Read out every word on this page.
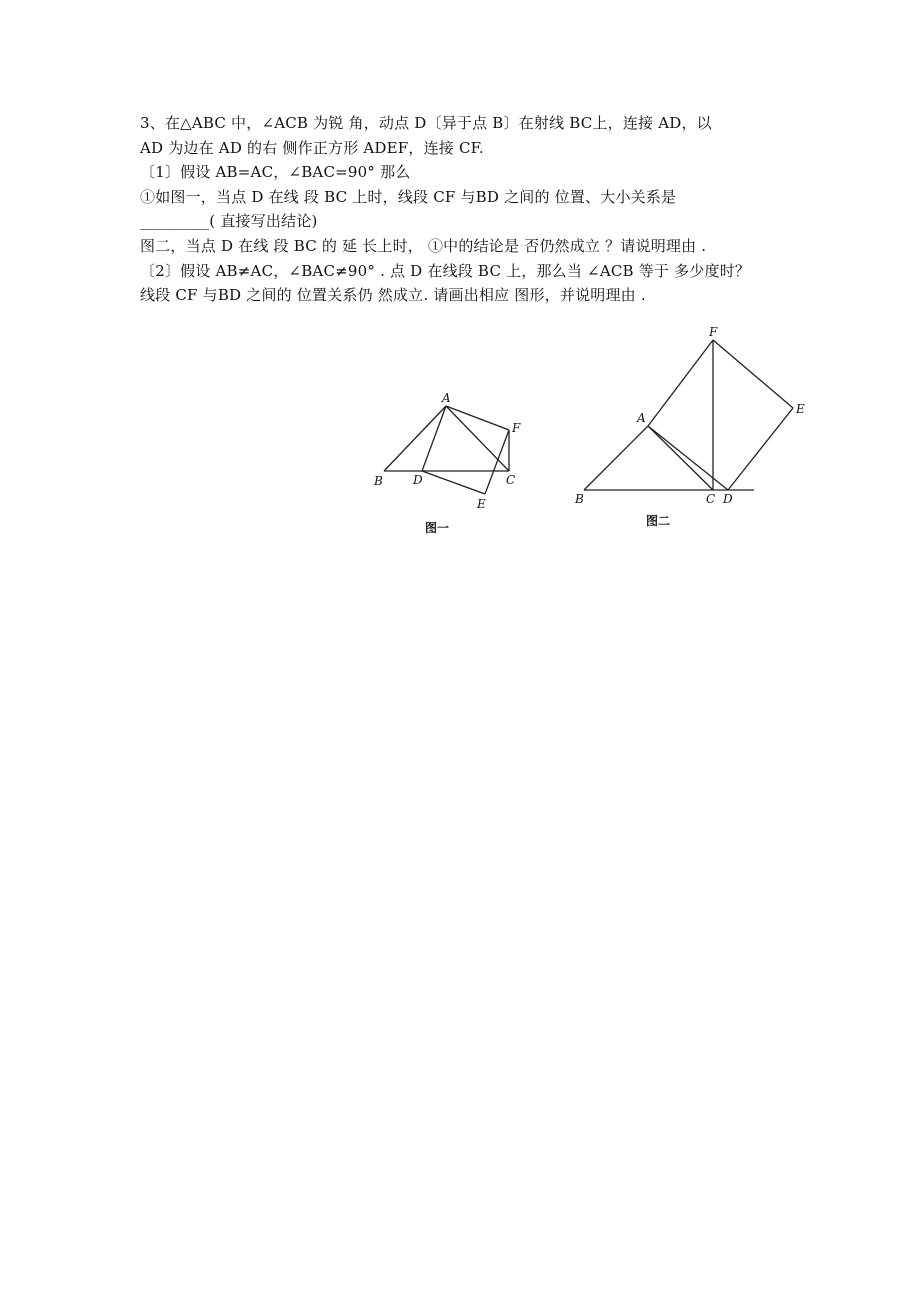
3、在△ABC 中，∠ACB 为锐 角，动点 D〔异于点 B〕在射线 BC上，连接 AD，以
AD 为边在 AD 的右 侧作正方形 ADEF，连接 CF.
〔1〕假设 AB=AC，∠BAC=90° 那么
①如图一，当点 D 在线 段 BC 上时，线段 CF 与BD 之间的 位置、大小关系是
_________( 直接写出结论)
图二，当点 D 在线 段 BC 的 延 长上时， ①中的结论是 否仍然成立 ？请说明理由 .
〔2〕假设 AB≠AC，∠BAC≠90° . 点 D 在线段 BC 上，那么当 ∠ACB 等于 多少度时？
线段 CF 与BD 之间的 位置关系仍 然成立. 请画出相应 图形，并说明理由 .
A
B	C
D
E
F
图一
A
B	C D
E
F
图二
